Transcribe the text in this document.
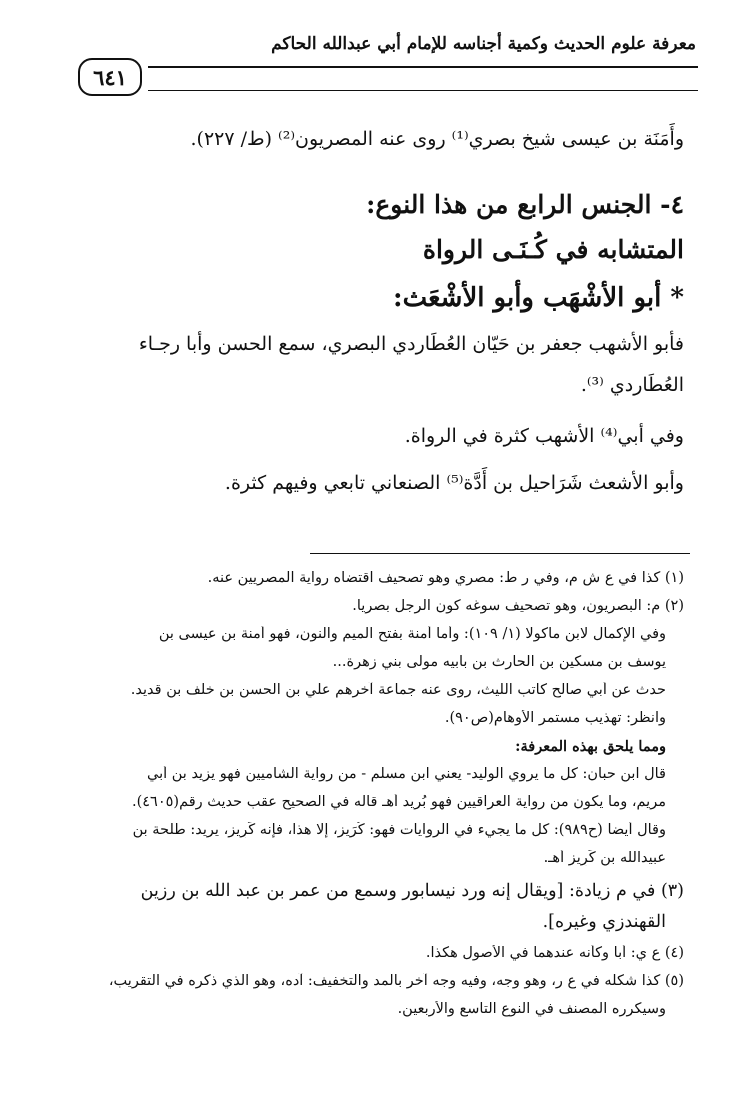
معرفة علوم الحديث وكمية أجناسه للإمام أبي عبدالله الحاكم
٦٤١
وأَمَنَة بن عيسى شيخ بصري⁽¹⁾ روى عنه المصريون⁽²⁾ (ط/ ٢٢٧).
٤- الجنس الرابع من هذا النوع:
المتشابه في كُـنَـى الرواة
* أبو الأشْهَب وأبو الأشْعَث:
فأبو الأشهب جعفر بن حَيّان العُطَاردي البصري، سمع الحسن وأبا رجـاء
العُطَاردي ⁽³⁾.
وفي أبي⁽⁴⁾ الأشهب كثرة في الرواة.
وأبو الأشعث شَرَاحيل بن أَدَّة⁽⁵⁾ الصنعاني تابعي وفيهم كثرة.
(١) كذا في ع ش م، وفي ر ط: مصري وهو تصحيف اقتضاه رواية المصريين عنه.
(٢) م: البصريون، وهو تصحيف سوغه كون الرجل بصريا.
وفي الإكمال لابن ماكولا (١/ ١٠٩): وأما أمنة بفتح الميم والنون، فهو أمنة بن عيسى بن
يوسف بن مسكين بن الحارث بن بابيه مولى بني زهرة...
حدث عن أبي صالح كاتب الليث، روى عنه جماعة آخرهم علي بن الحسن بن خلف بن قديد.
وانظر: تهذيب مستمر الأوهام(ص٩٠).
ومما يلحق بهذه المعرفة:
قال ابن حبان: كل ما يروي الوليد- يعني ابن مسلم - من رواية الشاميين فهو يزيد بن أبي
مريم، وما يكون من رواية العراقيين فهو بُريد أهـ قاله في الصحيح عقب حديث رقم(٤٦٠٥).
وقال أيضا (ح٩٨٩): كل ما يجيء في الروايات فهو: كُرَيز، إلا هذا، فإنه كَرِيز، يريد: طلحة بن
عبيدالله بن كَرِيز أهـ.
(٣) في م زيادة: [ويقال إنه ورد نيسابور وسمع من عمر بن عبد الله بن رزين
القهندزي وغيره].
(٤) ع ي: أبا وكأنه عندهما في الأصول هكذا.
(٥) كذا شكله في ع ر، وهو وجه، وفيه وجه آخر بالمد والتخفيف: آده، وهو الذي ذكره في التقريب،
وسيكرره المصنف في النوع التاسع والأربعين.
